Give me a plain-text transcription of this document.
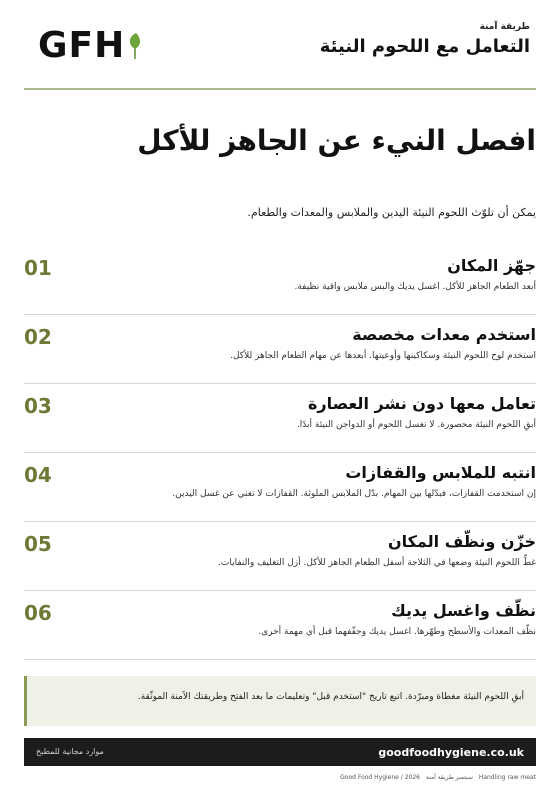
GFH	طريقة آمنة
التعامل مع اللحوم النيئة
افصل النيء عن الجاهز للأكل
يمكن أن تلوّث اللحوم النيئة اليدين والملابس والمعدات والطعام.
01	جهّز المكان
أبعد الطعام الجاهز للأكل. اغسل يديك والبس ملابس واقية نظيفة.
02	استخدم معدات مخصصة
استخدم لوح اللحوم النيئة وسكاكينها وأوعيتها. أبعدها عن مهام الطعام الجاهز للأكل.
03	تعامل معها دون نشر العصارة
أبقِ اللحوم النيئة محصورة. لا تغسل اللحوم أو الدواجن النيئة أبدًا.
04	انتبه للملابس والقفازات
إن استخدمت القفازات، فبدّلها بين المهام. بدّل الملابس الملوثة. القفازات لا تغني عن غسل اليدين.
05	خزّن ونظّف المكان
غطِّ اللحوم النيئة وضعها في الثلاجة أسفل الطعام الجاهز للأكل. أزل التغليف والنفايات.
06	نظّف واغسل يديك
نظّف المعدات والأسطح وطهّرها. اغسل يديك وجفّفهما قبل أي مهمة أخرى.
أبقِ اللحوم النيئة مغطاة ومبرّدة. اتبع تاريخ "استخدم قبل" وتعليمات ما بعد الفتح وطريقتك الآمنة الموثّقة.
موارد مجانية للمطبخ	goodfoodhygiene.co.uk
Good Food Hygiene / 2026 سبتمبر طريقة آمنة	Handling raw meat
